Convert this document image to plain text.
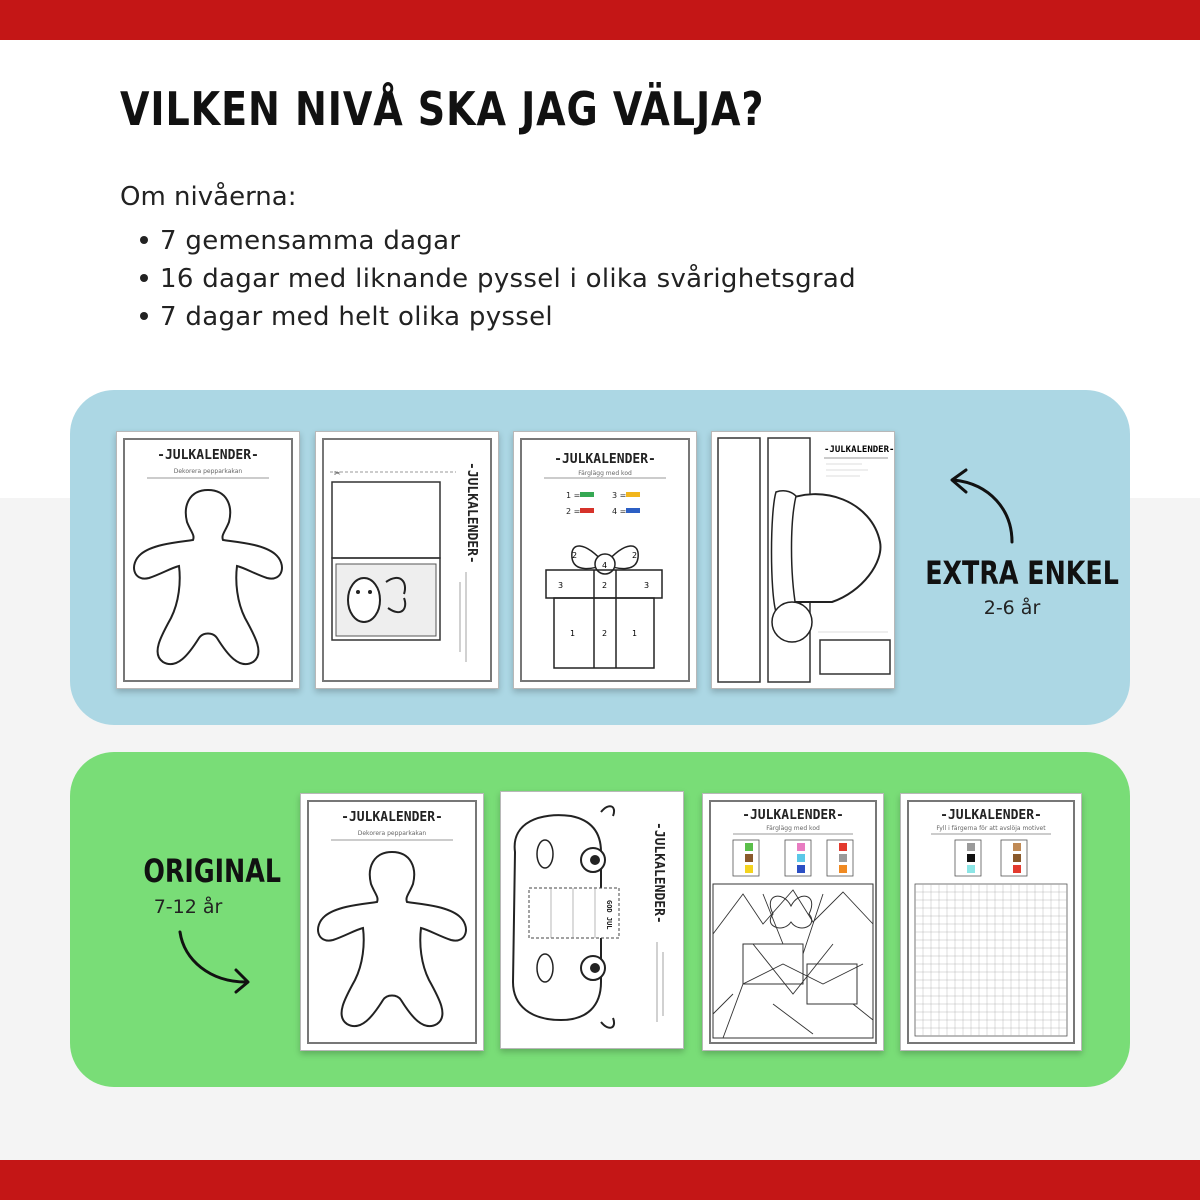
VILKEN NIVÅ SKA JAG VÄLJA?
Om nivåerna:
7 gemensamma dagar
16 dagar med liknande pyssel i olika svårighetsgrad
7 dagar med helt olika pyssel
-JULKALENDER-
Dekorera pepparkakan	✂	-JULKALENDER-
-JULKALENDER-
Färglägg med kod
1 =	3 =
2 =	4 =
4
2	2
3	2	3
1	2	1
-JULKALENDER-
EXTRA ENKEL
2-6 år
ORIGINAL
7-12 år
-JULKALENDER-
Dekorera pepparkakan
GOD JUL	-JULKALENDER-
-JULKALENDER-
Färglägg med kod
-JULKALENDER-
Fyll i färgerna för att avslöja motivet
